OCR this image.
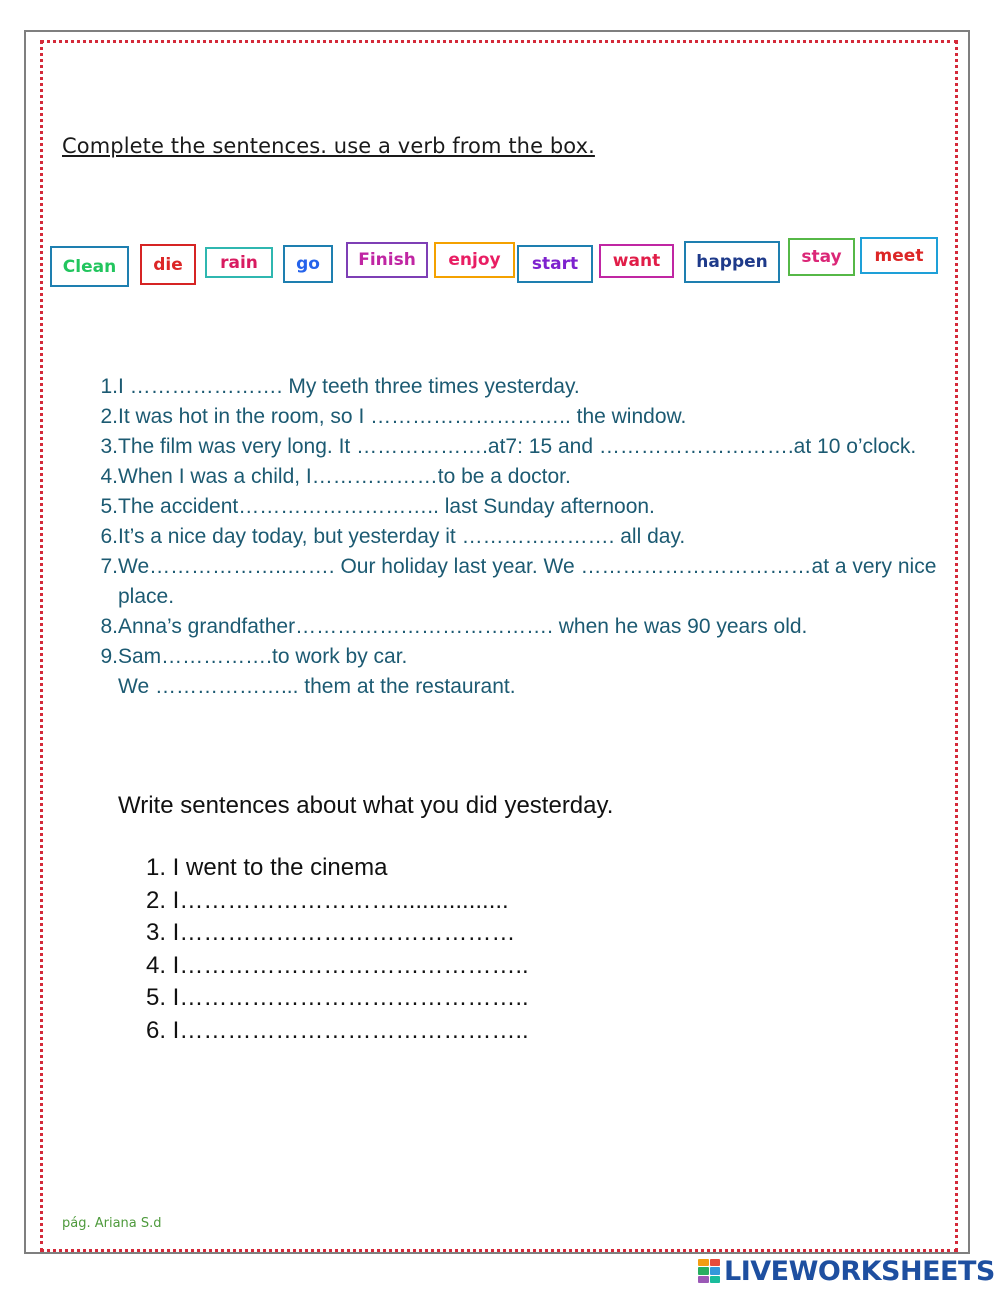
Complete the sentences. use a verb from the box.
Clean die rain go Finish enjoy start want happen stay meet
1. I …………………. My teeth three times yesterday.
2. It was hot in the room, so I ……………………….. the window.
3. The film was very long. It ……………….at7: 15 and ……………………….at 10 o’clock.
4. When I was a child, I………………to be a doctor.
5. The accident……………………….. last Sunday afternoon.
6. It’s a nice day today, but yesterday it …………………. all day.
7. We………………..……. Our holiday last year. We ……………………………at a very nice
place.
8. Anna’s grandfather………………………………. when he was 90 years old.
9. Sam…………….to work by car.
We ………………... them at the restaurant.
Write sentences about what you did yesterday.
1. I went to the cinema
2. I……………………….................
3. I……………………………………
4. I……………………………………..
5. I……………………………………..
6. I……………………………………..
pág. Ariana S.d
LIVEWORKSHEETS
